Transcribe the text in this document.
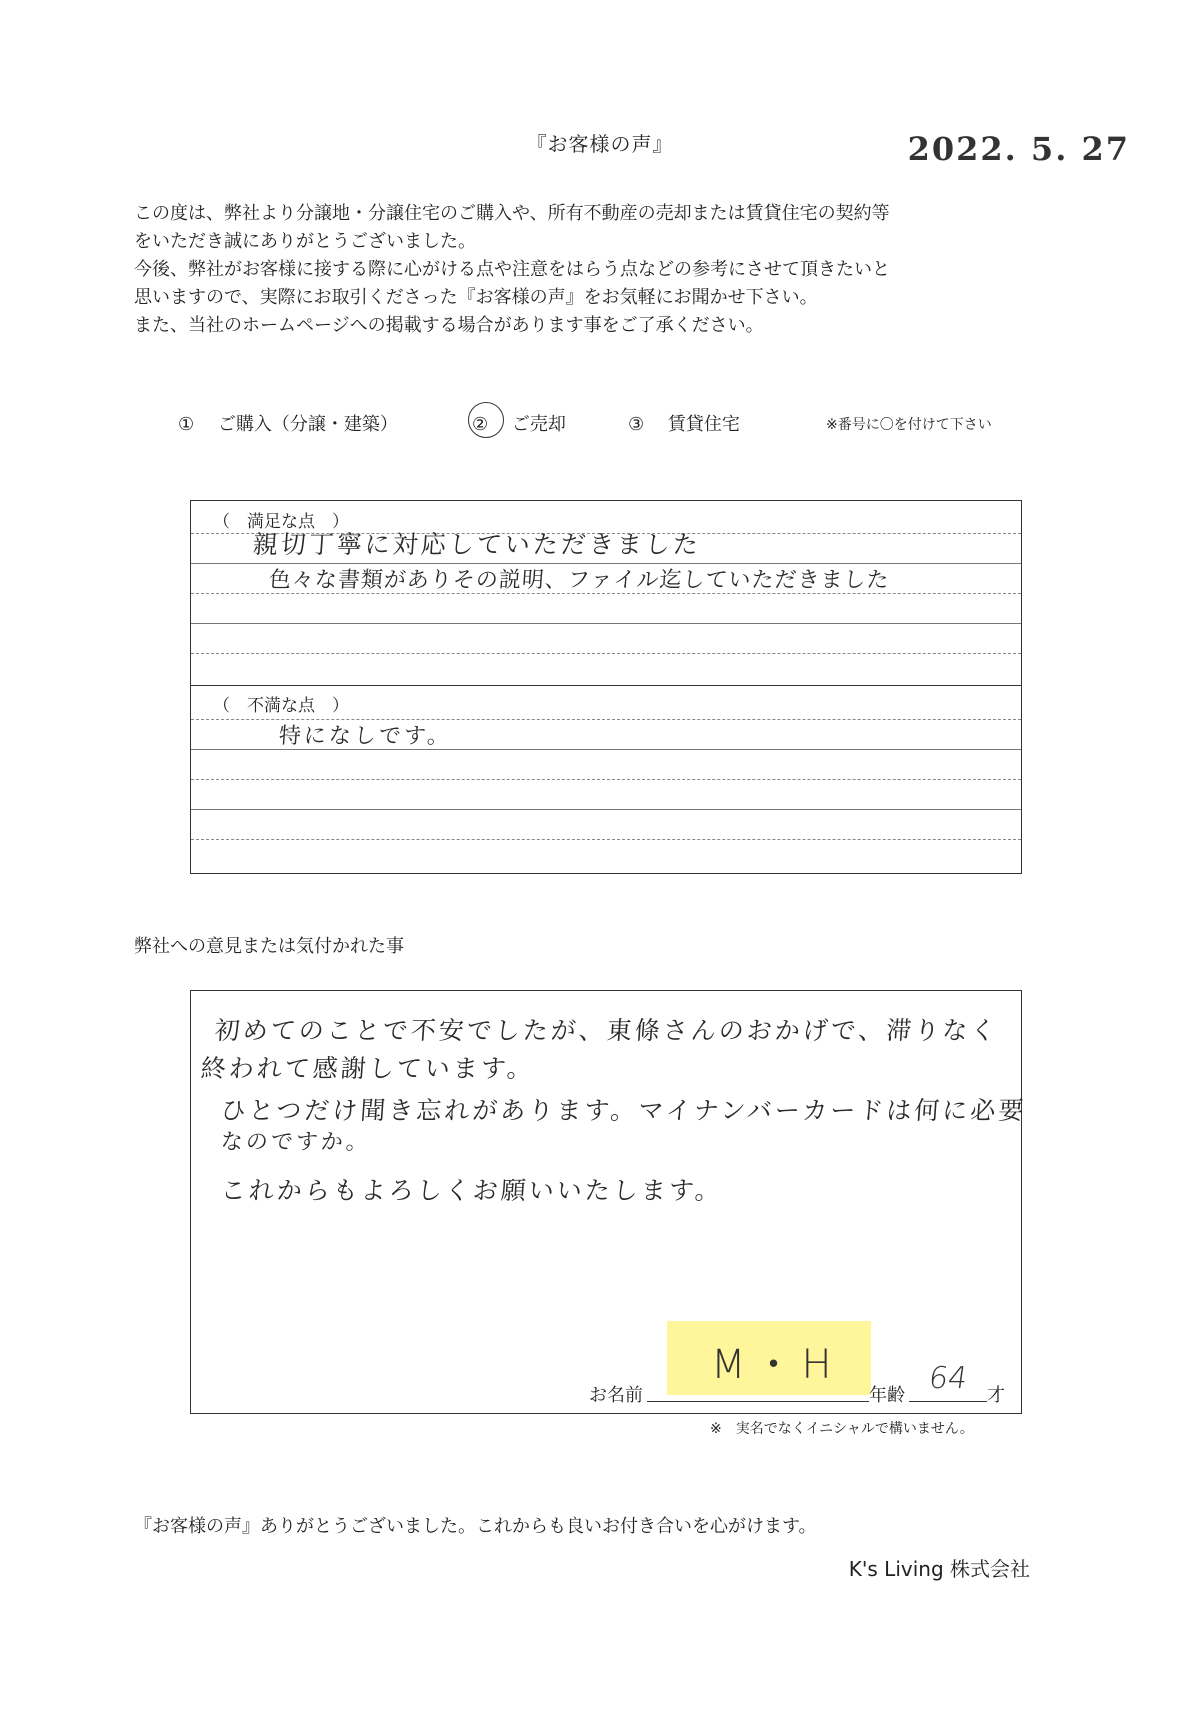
『お客様の声』	2022. 5. 27
この度は、弊社より分譲地・分譲住宅のご購入や、所有不動産の売却または賃貸住宅の契約等
をいただき誠にありがとうございました。
今後、弊社がお客様に接する際に心がける点や注意をはらう点などの参考にさせて頂きたいと
思いますので、実際にお取引くださった『お客様の声』をお気軽にお聞かせ下さい。
また、当社のホームページへの掲載する場合があります事をご了承ください。
① ご購入（分譲・建築）	② ご売却	③ 賃貸住宅	※番号に〇を付けて下さい
（　満足な点　）
親切丁寧に対応していただきました
色々な書類がありその説明、ファイル迄していただきました
（　不満な点　）
特になしです。
弊社への意見または気付かれた事
初めてのことで不安でしたが、東條さんのおかげで、滞りなく
終われて感謝しています。
ひとつだけ聞き忘れがあります。マイナンバーカードは何に必要
なのですか。
これからもよろしくお願いいたします。
M・H
お名前	年齢 64 才
※　実名でなくイニシャルで構いません。
『お客様の声』ありがとうございました。これからも良いお付き合いを心がけます。
K's Living 株式会社
